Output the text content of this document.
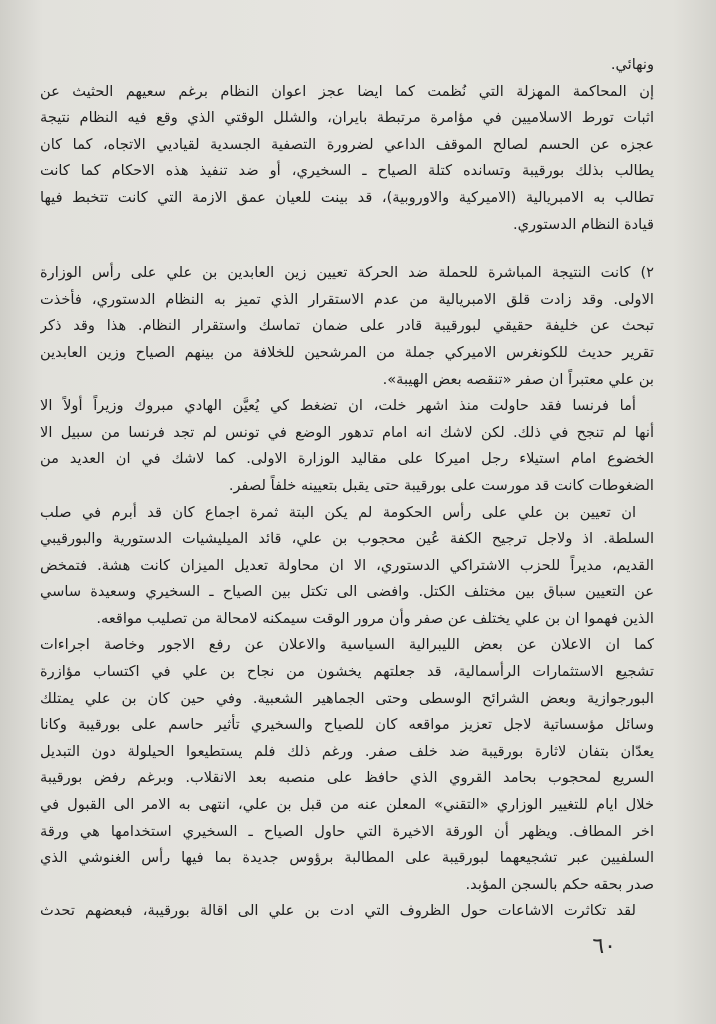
ونهائي.

إن المحاكمة المهزلة التي نُظمت كما ايضا عجز اعوان النظام برغم سعيهم الحثيث عن
اثبات تورط الاسلاميين في مؤامرة مرتبطة بايران، والشلل الوقتي الذي وقع فيه النظام نتيجة
عجزه عن الحسم لصالح الموقف الداعي لضرورة التصفية الجسدية لقياديي الاتجاه، كما كان
يطالب بذلك بورقيبة وتسانده كتلة الصياح ـ السخيري، أو ضد تنفيذ هذه الاحكام كما كانت
تطالب به الامبريالية (الاميركية والاوروبية)، قد بينت للعيان عمق الازمة التي كانت تتخبط فيها
قيادة النظام الدستوري.

٢) كانت النتيجة المباشرة للحملة ضد الحركة تعيين زين العابدين بن علي على رأس الوزارة
الاولى. وقد زادت قلق الامبريالية من عدم الاستقرار الذي تميز به النظام الدستوري، فأخذت
تبحث عن خليفة حقيقي لبورقيبة قادر على ضمان تماسك واستقرار النظام. هذا وقد ذكر
تقرير حديث للكونغرس الاميركي جملة من المرشحين للخلافة من بينهم الصياح وزين العابدين
بن علي معتبراً ان صفر «تنقصه بعض الهيبة».

أما فرنسا فقد حاولت منذ اشهر خلت، ان تضغط كي يُعيَّن الهادي مبروك وزيراً أولاً الا
أنها لم تنجح في ذلك. لكن لاشك انه امام تدهور الوضع في تونس لم تجد فرنسا من سبيل الا
الخضوع امام استيلاء رجل اميركا على مقاليد الوزارة الاولى. كما لاشك في ان العديد من
الضغوطات كانت قد مورست على بورقيبة حتى يقبل بتعيينه خلفاً لصفر.

ان تعيين بن علي على رأس الحكومة لم يكن البتة ثمرة اجماع كان قد أبرم في صلب
السلطة. اذ ولاجل ترجيح الكفة عُين محجوب بن علي، قائد الميليشيات الدستورية والبورقيبي
القديم، مديراً للحزب الاشتراكي الدستوري، الا ان محاولة تعديل الميزان كانت هشة. فتمخض
عن التعيين سباق بين مختلف الكتل. وافضى الى تكتل بين الصياح ـ السخيري وسعيدة ساسي
الذين فهموا ان بن علي يختلف عن صفر وأن مرور الوقت سيمكنه لامحالة من تصليب مواقعه.

كما ان الاعلان عن بعض الليبرالية السياسية والاعلان عن رفع الاجور وخاصة اجراءات
تشجيع الاستثمارات الرأسمالية، قد جعلتهم يخشون من نجاح بن علي في اكتساب مؤازرة
البورجوازية وبعض الشرائح الوسطى وحتى الجماهير الشعبية. وفي حين كان بن علي يمتلك
وسائل مؤسساتية لاجل تعزيز مواقعه كان للصياح والسخيري تأثير حاسم على بورقيبة وكانا
يعدّان بتفان لاثارة بورقيبة ضد خلف صفر. ورغم ذلك فلم يستطيعوا الحيلولة دون التبديل
السريع لمحجوب بحامد القروي الذي حافظ على منصبه بعد الانقلاب. وبرغم رفض بورقيبة
خلال ايام للتغيير الوزاري «التقني» المعلن عنه من قبل بن علي، انتهى به الامر الى القبول في
اخر المطاف. ويظهر أن الورقة الاخيرة التي حاول الصياح ـ السخيري استخدامها هي ورقة
السلفيين عبر تشجيعهما لبورقيبة على المطالبة برؤوس جديدة بما فيها رأس الغنوشي الذي
صدر بحقه حكم بالسجن المؤبد.

لقد تكاثرت الاشاعات حول الظروف التي ادت بن علي الى اقالة بورقيبة، فبعضهم تحدث

٦٠
